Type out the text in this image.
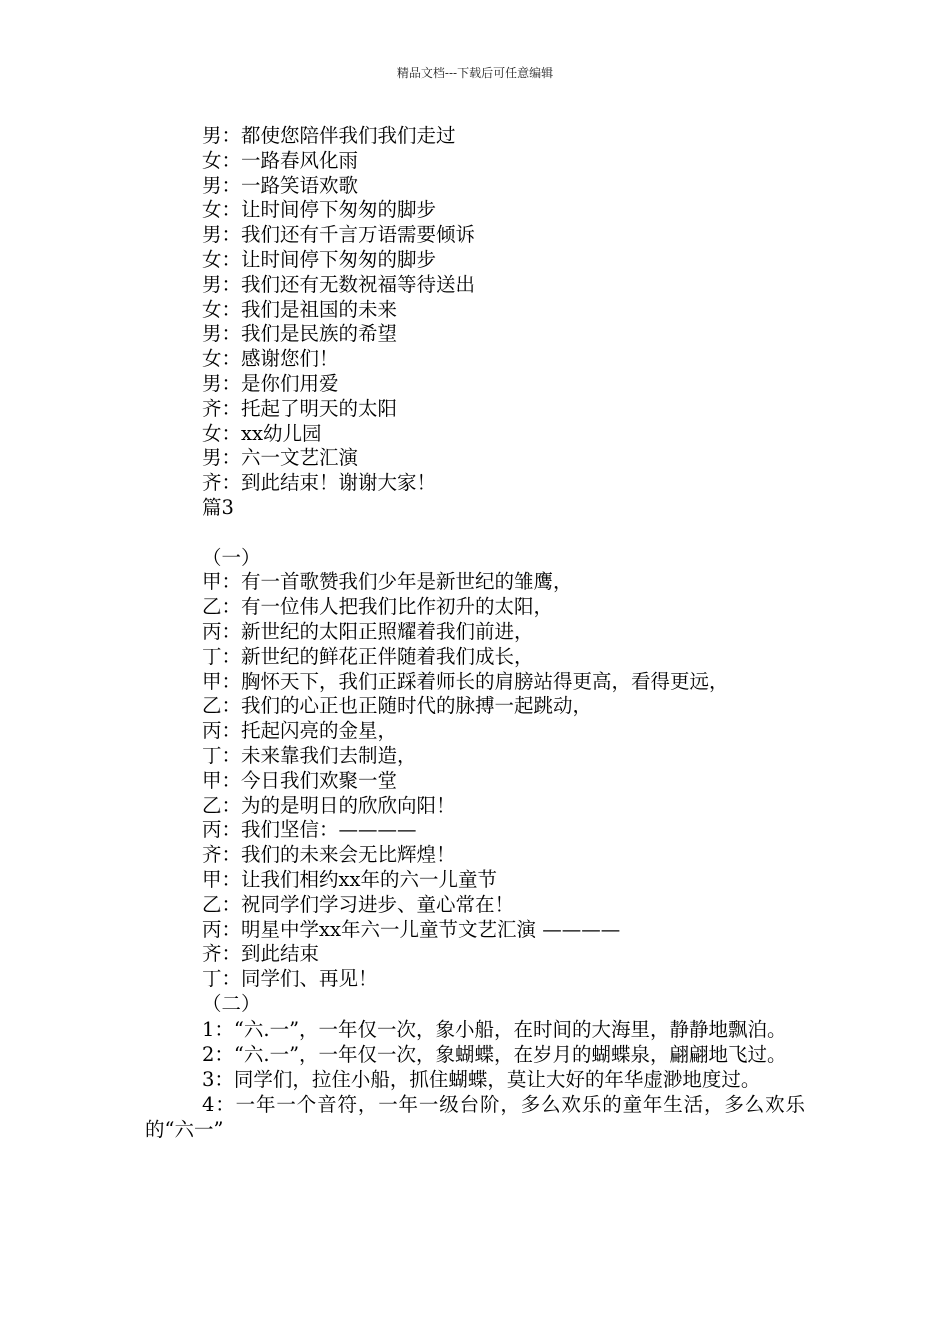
精品文档---下载后可任意编辑
男：都使您陪伴我们我们走过
女：一路春风化雨
男：一路笑语欢歌
女：让时间停下匆匆的脚步
男：我们还有千言万语需要倾诉
女：让时间停下匆匆的脚步
男：我们还有无数祝福等待送出
女：我们是祖国的未来
男：我们是民族的希望
女：感谢您们！
男：是你们用爱
齐：托起了明天的太阳
女：xx幼儿园
男：六一文艺汇演
齐：到此结束！谢谢大家！
篇3
（一）
甲：有一首歌赞我们少年是新世纪的雏鹰，
乙：有一位伟人把我们比作初升的太阳，
丙：新世纪的太阳正照耀着我们前进，
丁：新世纪的鲜花正伴随着我们成长，
甲：胸怀天下，我们正踩着师长的肩膀站得更高，看得更远，
乙：我们的心正也正随时代的脉搏一起跳动，
丙：托起闪亮的金星，
丁：未来靠我们去制造，
甲：今日我们欢聚一堂
乙：为的是明日的欣欣向阳！
丙：我们坚信：————
齐：我们的未来会无比辉煌！
甲：让我们相约xx年的六一儿童节
乙：祝同学们学习进步、童心常在！
丙：明星中学xx年六一儿童节文艺汇演 ————
齐：到此结束
丁：同学们、再见！
（二）
1：“六.一”，一年仅一次，象小船，在时间的大海里，静静地飘泊。
2：“六.一”，一年仅一次，象蝴蝶，在岁月的蝴蝶泉，翩翩地飞过。
3：同学们，拉住小船，抓住蝴蝶，莫让大好的年华虚渺地度过。
4：一年一个音符，一年一级台阶，多么欢乐的童年生活，多么欢乐的“六一”
